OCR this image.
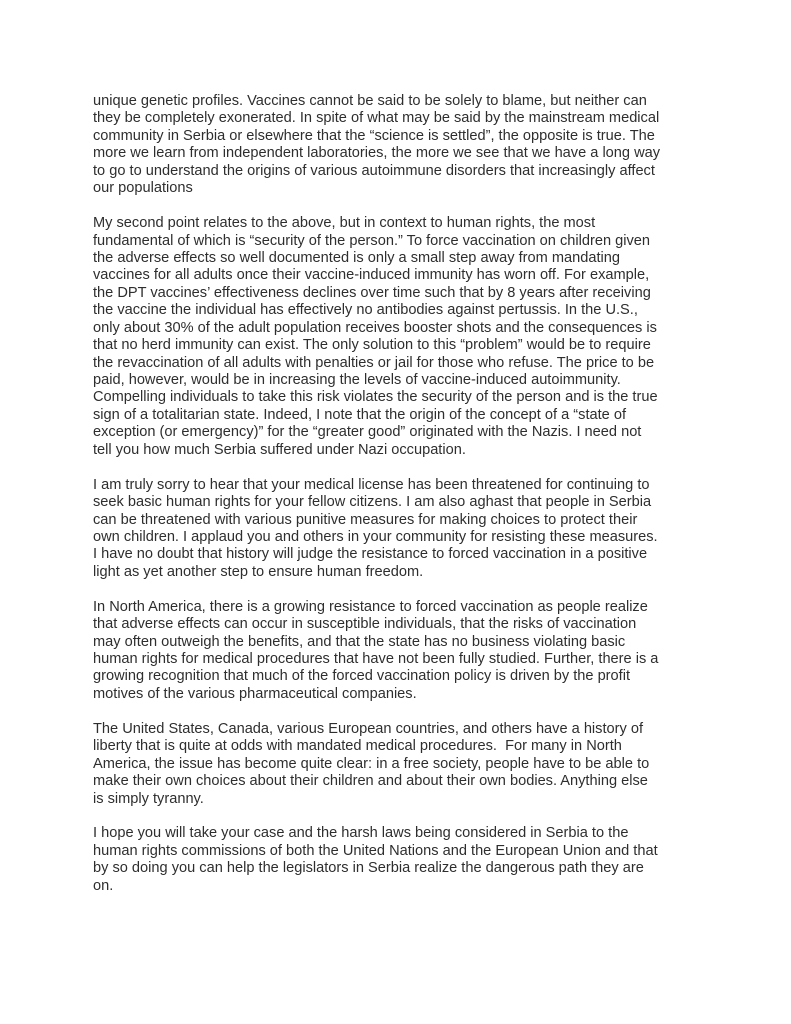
unique genetic profiles. Vaccines cannot be said to be solely to blame, but neither can
they be completely exonerated. In spite of what may be said by the mainstream medical
community in Serbia or elsewhere that the “science is settled”, the opposite is true. The
more we learn from independent laboratories, the more we see that we have a long way
to go to understand the origins of various autoimmune disorders that increasingly affect
our populations
My second point relates to the above, but in context to human rights, the most
fundamental of which is “security of the person.” To force vaccination on children given
the adverse effects so well documented is only a small step away from mandating
vaccines for all adults once their vaccine-induced immunity has worn off. For example,
the DPT vaccines’ effectiveness declines over time such that by 8 years after receiving
the vaccine the individual has effectively no antibodies against pertussis. In the U.S.,
only about 30% of the adult population receives booster shots and the consequences is
that no herd immunity can exist. The only solution to this “problem” would be to require
the revaccination of all adults with penalties or jail for those who refuse. The price to be
paid, however, would be in increasing the levels of vaccine-induced autoimmunity.
Compelling individuals to take this risk violates the security of the person and is the true
sign of a totalitarian state. Indeed, I note that the origin of the concept of a “state of
exception (or emergency)” for the “greater good” originated with the Nazis. I need not
tell you how much Serbia suffered under Nazi occupation.
I am truly sorry to hear that your medical license has been threatened for continuing to
seek basic human rights for your fellow citizens. I am also aghast that people in Serbia
can be threatened with various punitive measures for making choices to protect their
own children. I applaud you and others in your community for resisting these measures.
I have no doubt that history will judge the resistance to forced vaccination in a positive
light as yet another step to ensure human freedom.
In North America, there is a growing resistance to forced vaccination as people realize
that adverse effects can occur in susceptible individuals, that the risks of vaccination
may often outweigh the benefits, and that the state has no business violating basic
human rights for medical procedures that have not been fully studied. Further, there is a
growing recognition that much of the forced vaccination policy is driven by the profit
motives of the various pharmaceutical companies.
The United States, Canada, various European countries, and others have a history of
liberty that is quite at odds with mandated medical procedures.  For many in North
America, the issue has become quite clear: in a free society, people have to be able to
make their own choices about their children and about their own bodies. Anything else
is simply tyranny.
I hope you will take your case and the harsh laws being considered in Serbia to the
human rights commissions of both the United Nations and the European Union and that
by so doing you can help the legislators in Serbia realize the dangerous path they are
on.
